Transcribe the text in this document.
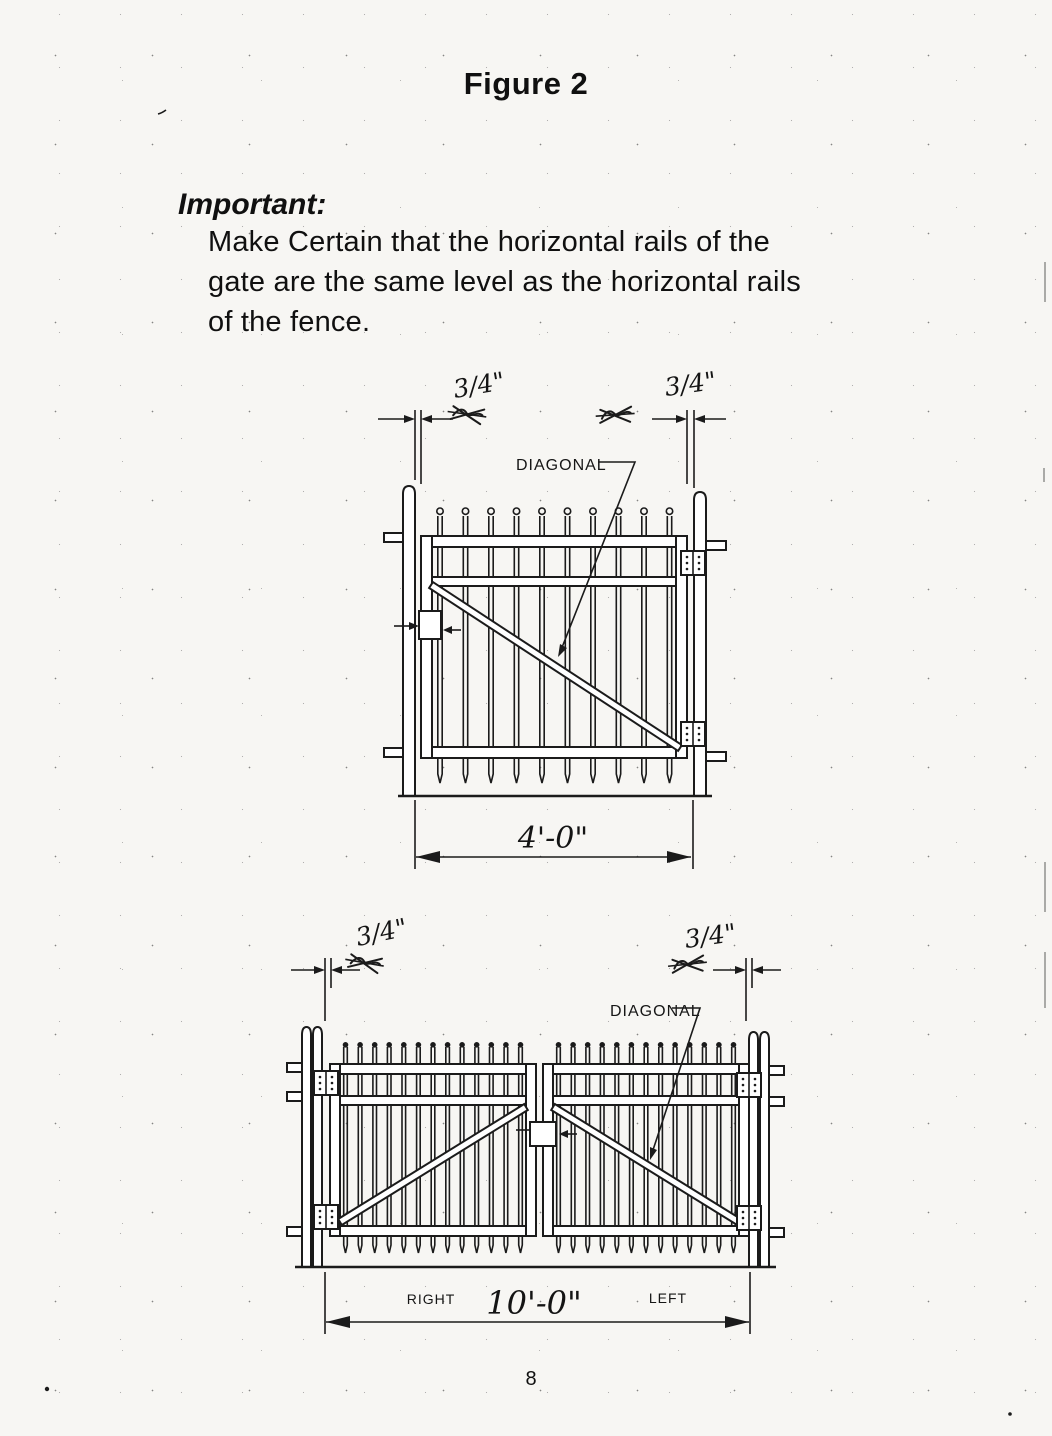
Figure 2
Important:
Make Certain that the horizontal rails of the
gate are the same level as the horizontal rails
of the fence.
DIAGONAL
3/4"	3/4"
4'-0"
DIAGONAL
3/4"	3/4"
RIGHT 10'-0"	LEFT
8
